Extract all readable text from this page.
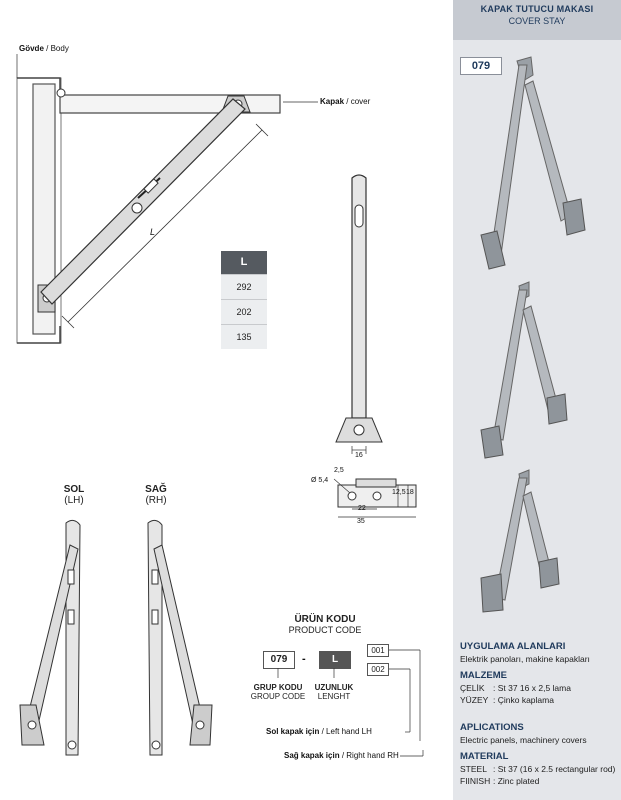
Gövde / Body
Kapak / cover
L
L
292
202
135
16
2,5
Ø 5,4
12,5 18
22
35
SOL
(LH)
SAĞ
(RH)
ÜRÜN KODU
PRODUCT CODE
079	-	L
001
002
GRUP KODU
GROUP CODE
UZUNLUK
LENGHT
Sol kapak için / Left hand LH
Sağ kapak için / Right hand RH
KAPAK TUTUCU MAKASI
COVER STAY
079
UYGULAMA ALANLARI
Elektrik panoları, makine kapakları
MALZEME
ÇELİK : St 37 16 x 2,5 lama
YÜZEY : Çinko kaplama
APLICATIONS
Electric panels, machinery covers
MATERIAL
STEEL : St 37 (16 x 2.5 rectangular rod)
FIINISH : Zinc plated
